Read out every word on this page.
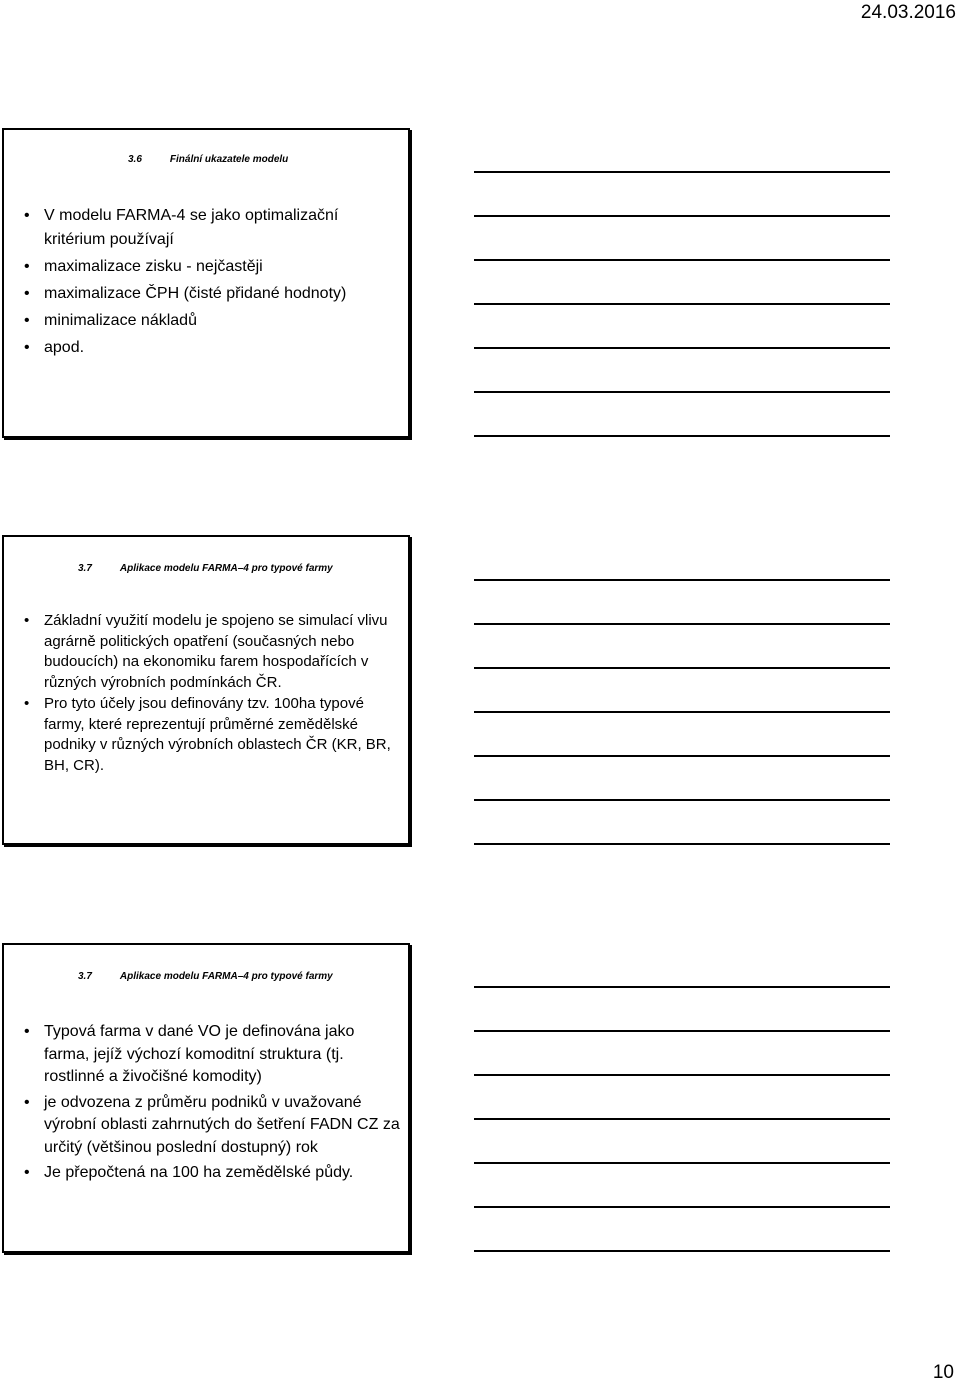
24.03.2016
3.6	Finální ukazatele modelu
• V modelu FARMA-4 se jako optimalizační kritérium používají
• maximalizace zisku - nejčastěji
• maximalizace ČPH (čisté přidané hodnoty)
• minimalizace nákladů
• apod.
3.7	Aplikace modelu FARMA–4 pro typové farmy
• Základní využití modelu je spojeno se simulací vlivu agrárně politických opatření (současných nebo budoucích) na ekonomiku farem hospodařících v různých výrobních podmínkách ČR.
• Pro tyto účely jsou definovány tzv. 100ha typové farmy, které reprezentují průměrné zemědělské podniky v různých výrobních oblastech ČR (KR, BR, BH, CR).
3.7	Aplikace modelu FARMA–4 pro typové farmy
• Typová farma v dané VO je definována jako farma, jejíž výchozí komoditní struktura (tj. rostlinné a živočišné komodity)
• je odvozena z průměru podniků v uvažované výrobní oblasti zahrnutých do šetření FADN CZ za určitý (většinou poslední dostupný) rok
• Je přepočtená na 100 ha zemědělské půdy.
10
